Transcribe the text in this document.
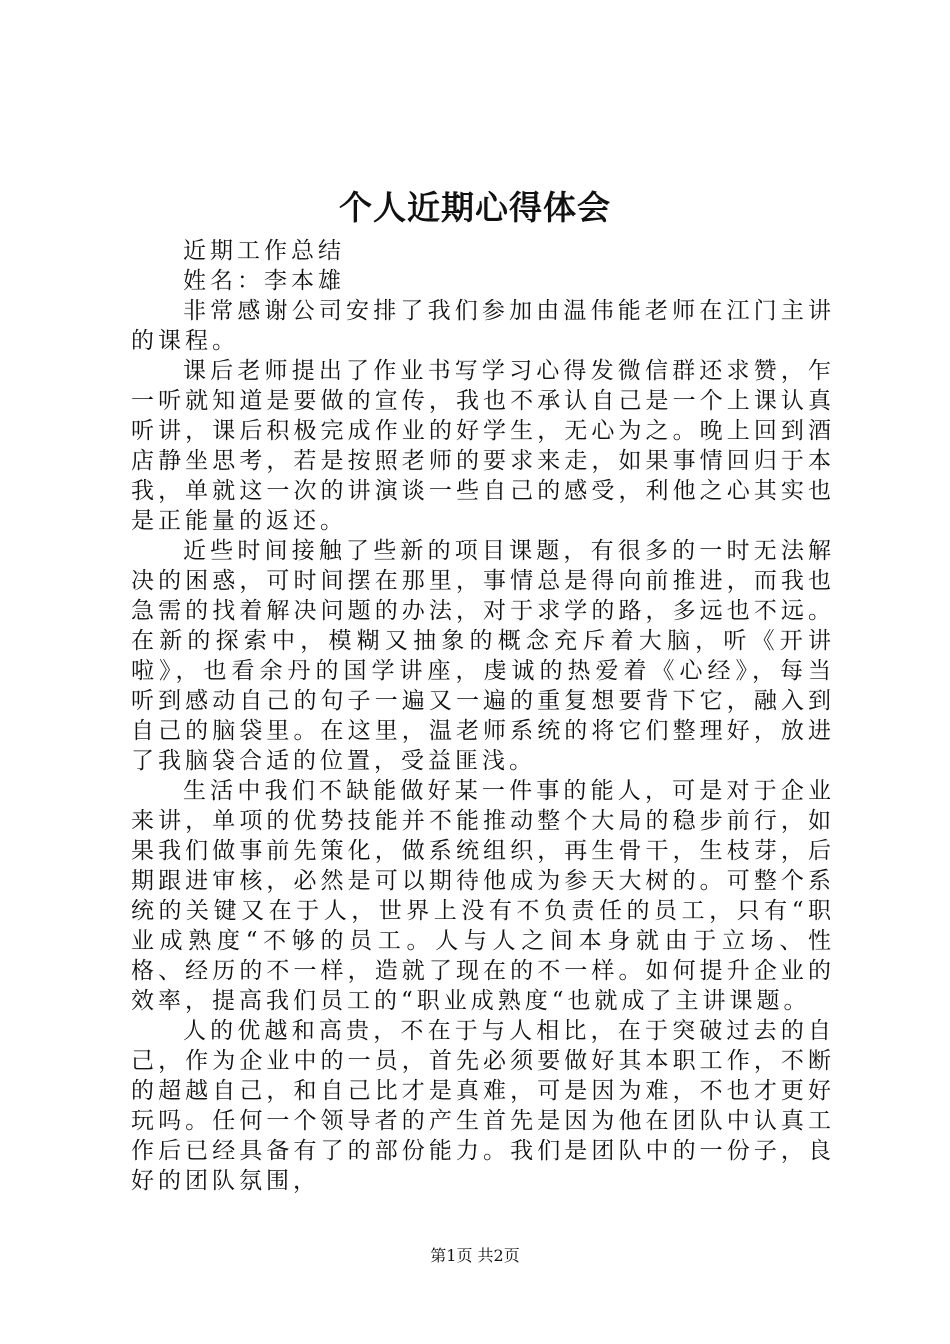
个人近期心得体会

近期工作总结

姓名：李本雄

非常感谢公司安排了我们参加由温伟能老师在江门主讲的课程。

课后老师提出了作业书写学习心得发微信群还求赞，乍一听就知道是要做的宣传，我也不承认自己是一个上课认真听讲，课后积极完成作业的好学生，无心为之。晚上回到酒店静坐思考，若是按照老师的要求来走，如果事情回归于本我，单就这一次的讲演谈一些自己的感受，利他之心其实也是正能量的返还。

近些时间接触了些新的项目课题，有很多的一时无法解决的困惑，可时间摆在那里，事情总是得向前推进，而我也急需的找着解决问题的办法，对于求学的路，多远也不远。在新的探索中，模糊又抽象的概念充斥着大脑，听《开讲啦》，也看余丹的国学讲座，虔诚的热爱着《心经》，每当听到感动自己的句子一遍又一遍的重复想要背下它，融入到自己的脑袋里。在这里，温老师系统的将它们整理好，放进了我脑袋合适的位置，受益匪浅。

生活中我们不缺能做好某一件事的能人，可是对于企业来讲，单项的优势技能并不能推动整个大局的稳步前行，如果我们做事前先策化，做系统组织，再生骨干，生枝芽，后期跟进审核，必然是可以期待他成为参天大树的。可整个系统的关键又在于人，世界上没有不负责任的员工，只有“职业成熟度“不够的员工。人与人之间本身就由于立场、性格、经历的不一样，造就了现在的不一样。如何提升企业的效率，提高我们员工的“职业成熟度“也就成了主讲课题。

人的优越和高贵，不在于与人相比，在于突破过去的自己，作为企业中的一员，首先必须要做好其本职工作，不断的超越自己，和自己比才是真难，可是因为难，不也才更好玩吗。任何一个领导者的产生首先是因为他在团队中认真工作后已经具备有了的部份能力。我们是团队中的一份子，良好的团队氛围，

第1页 共2页
